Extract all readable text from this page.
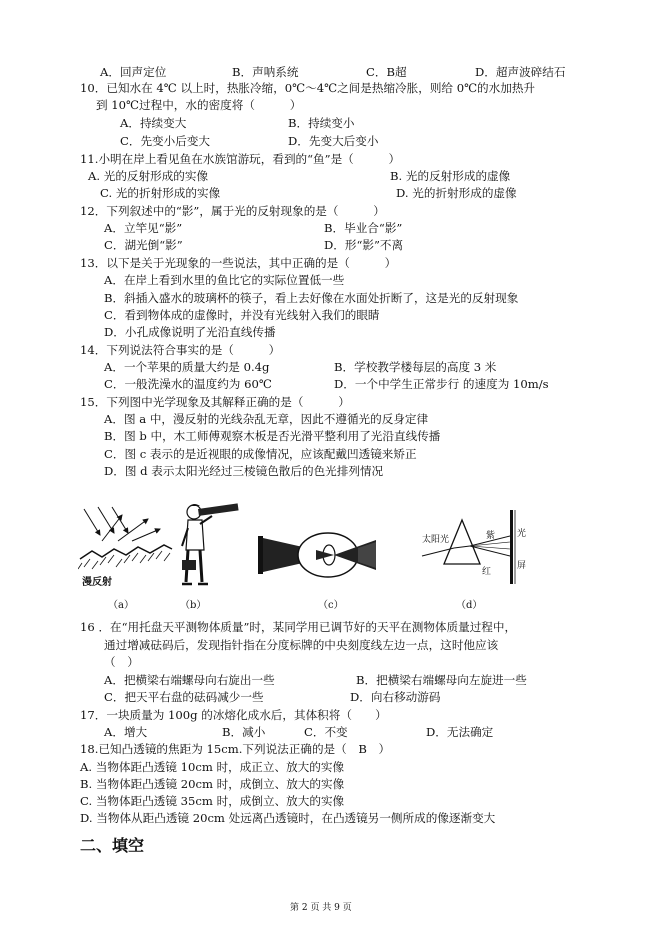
A．回声定位	B．声呐系统	C．B超	D．超声波碎结石
10．已知水在 4℃ 以上时，热胀冷缩，0℃～4℃之间是热缩冷胀，则给 0℃的水加热升
到 10℃过程中，水的密度将（　　　）
A．持续变大	B．持续变小
C．先变小后变大	D．先变大后变小
11.小明在岸上看见鱼在水族馆游玩，看到的“鱼”是（　　　）
A. 光的反射形成的实像	B. 光的反射形成的虚像
C. 光的折射形成的实像	D. 光的折射形成的虚像
12．下列叙述中的“影”，属于光的反射现象的是（　　　）
A．立竿见“影”	B．毕业合“影”
C．湖光倒“影”	D．形“影”不离
13．以下是关于光现象的一些说法，其中正确的是（　　　）
A．在岸上看到水里的鱼比它的实际位置低一些
B．斜插入盛水的玻璃杯的筷子，看上去好像在水面处折断了，这是光的反射现象
C．看到物体成的虚像时，并没有光线射入我们的眼睛
D．小孔成像说明了光沿直线传播
14．下列说法符合事实的是（　　　）
A．一个苹果的质量大约是 0.4g	B．学校教学楼每层的高度 3 米
C．一般洗澡水的温度约为 60℃	D．一个中学生正常步行 的速度为 10m/s
15．下列图中光学现象及其解释正确的是（　　　）
A．图 a 中，漫反射的光线杂乱无章，因此不遵循光的反身定律
B．图 b 中，木工师傅观察木板是否光滑平整利用了光沿直线传播
C．图 c 表示的是近视眼的成像情况，应该配戴凹透镜来矫正
D．图 d 表示太阳光经过三棱镜色散后的色光排列情况
漫反射
太阳光	紫
红
光
屏
（a）	（b）	（c）	（d）
16 ．在“用托盘天平测物体质量”时，某同学用已调节好的天平在测物体质量过程中，
通过增减砝码后，发现指针指在分度标牌的中央刻度线左边一点，这时他应该
（　）
A．把横梁右端螺母向右旋出一些	B．把横梁右端螺母向左旋进一些
C．把天平右盘的砝码减少一些	D．向右移动游码
17．一块质量为 100g 的冰熔化成水后，其体积将（　　）
A．增大	B．减小	C．不变	D．无法确定
18.已知凸透镜的焦距为 15cm.下列说法正确的是（　B　）
A. 当物体距凸透镜 10cm 时，成正立、放大的实像
B. 当物体距凸透镜 20cm 时，成倒立、放大的实像
C. 当物体距凸透镜 35cm 时，成倒立、放大的实像
D. 当物体从距凸透镜 20cm 处远离凸透镜时，在凸透镜另一侧所成的像逐渐变大
二、填空
第 2 页 共 9 页
